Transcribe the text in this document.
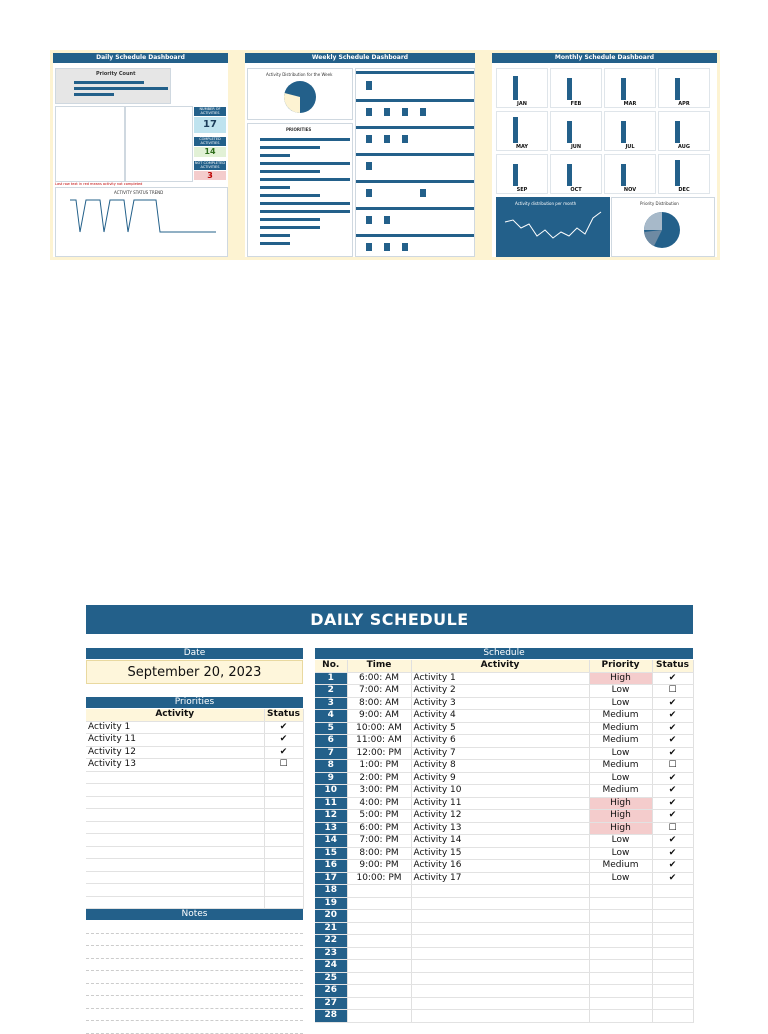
Daily Schedule Dashboard
Priority Count
NUMBER OF ACTIVITIES
17
COMPLETED ACTIVITIES
14
NOT COMPLETED ACTIVITIES
3
Last row text in red means activity not completed
ACTIVITY STATUS TREND
Weekly Schedule Dashboard
Activity Distribution for the Week
PRIORITIES
Monthly Schedule Dashboard
JAN	FEB	MAR	APR
MAY	JUN	JUL	AUG
SEP	OCT	NOV	DEC
Activity distribution per month	Priority Distribution
DAILY SCHEDULE
Date
September 20, 2023
Priorities
Activity	Status
Activity 1	✔
Activity 11	✔
Activity 12	✔
Activity 13	☐

Notes

Schedule
No.	Time	Activity	Priority	Status
1	6:00: AM	Activity 1	High	✔
2	7:00: AM	Activity 2	Low	☐
3	8:00: AM	Activity 3	Low	✔
4	9:00: AM	Activity 4	Medium	✔
5	10:00: AM	Activity 5	Medium	✔
6	11:00: AM	Activity 6	Medium	✔
7	12:00: PM	Activity 7	Low	✔
8	1:00: PM	Activity 8	Medium	☐
9	2:00: PM	Activity 9	Low	✔
10	3:00: PM	Activity 10	Medium	✔
11	4:00: PM	Activity 11	High	✔
12	5:00: PM	Activity 12	High	✔
13	6:00: PM	Activity 13	High	☐
14	7:00: PM	Activity 14	Low	✔
15	8:00: PM	Activity 15	Low	✔
16	9:00: PM	Activity 16	Medium	✔
17	10:00: PM	Activity 17	Low	✔
18				
19				
20				
21				
22				
23				
24				
25				
26				
27				
28				
